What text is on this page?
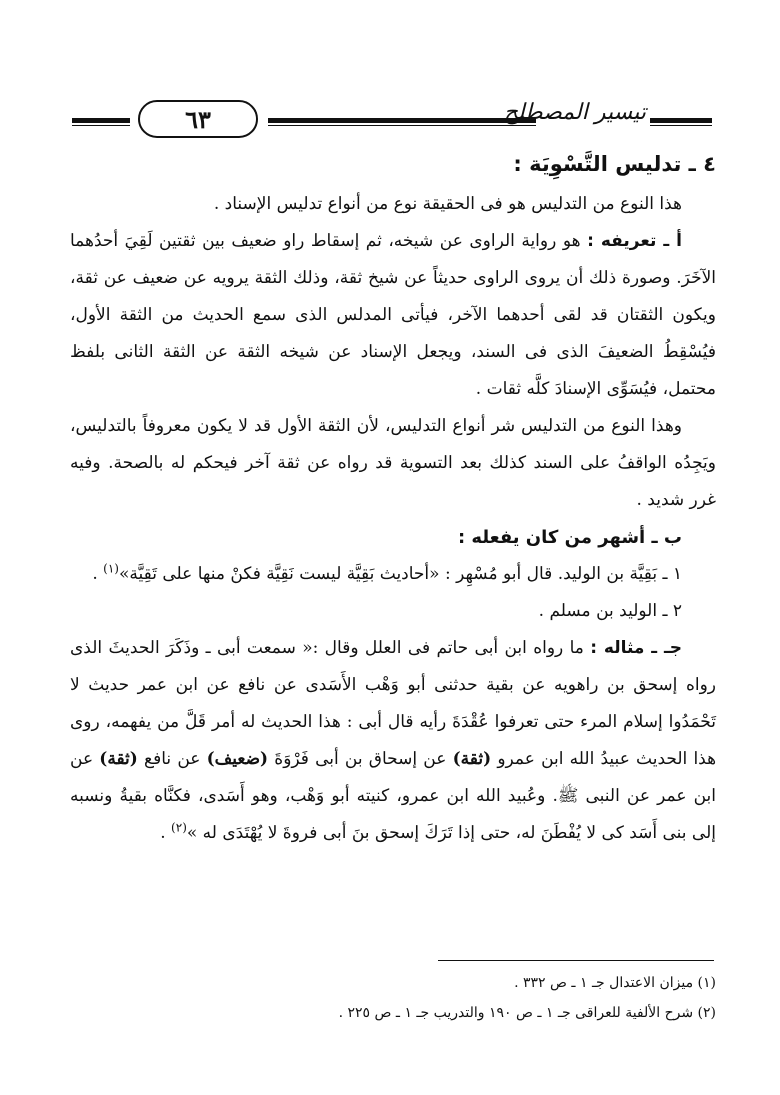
٦٣	تيسير المصطلح
٤ ـ تدليس التَّسْوِيَة :

هذا النوع من التدليس هو فى الحقيقة نوع من أنواع تدليس الإسناد .

أ ـ تعريفه : هو رواية الراوى عن شيخه، ثم إسقاط راو ضعيف بين ثقتين لَقِيَ أحدُهما الآخَرَ. وصورة ذلك أن يروى الراوى حديثاً عن شيخ ثقة، وذلك الثقة يرويه عن ضعيف عن ثقة، ويكون الثقتان قد لقى أحدهما الآخر، فيأتى المدلس الذى سمع الحديث من الثقة الأول، فيُسْقِطُ الضعيفَ الذى فى السند، ويجعل الإسناد عن شيخه الثقة عن الثقة الثانى بلفظ محتمل، فيُسَوِّى الإسنادَ كلَّه ثقات .

وهذا النوع من التدليس شر أنواع التدليس، لأن الثقة الأول قد لا يكون معروفاً بالتدليس، ويَجِدُه الواقفُ على السند كذلك بعد التسوية قد رواه عن ثقة آخر فيحكم له بالصحة. وفيه غرر شديد .

ب ـ أشهر من كان يفعله :

١ ـ بَقِيَّة بن الوليد. قال أبو مُسْهِر : «أحاديث بَقِيَّة ليست نَقِيَّة فكنْ منها على تَقِيَّة»$^{(١)}$ .

٢ ـ الوليد بن مسلم .

جـ ـ مثاله : ما رواه ابن أبى حاتم فى العلل وقال :« سمعت أبى ـ وذَكَرَ الحديثَ الذى رواه إسحق بن راهويه عن بقية حدثنى أبو وَهْب الأَسَدى عن نافع عن ابن عمر حديث لا تَحْمَدُوا إسلام المرء حتى تعرفوا عُقْدَةَ رأيه قال أبى : هذا الحديث له أمر قَلَّ من يفهمه، روى هذا الحديث عبيدُ الله ابن عمرو (ثقة) عن إسحاق بن أبى فَرْوَةَ (ضعيف) عن نافع (ثقة) عن ابن عمر عن النبى ﷺ. وعُبيد الله ابن عمرو، كنيته أبو وَهْب، وهو أَسَدى، فكنَّاه بقيةُ ونسبه إلى بنى أَسَد كى لا يُفْطَنَ له، حتى إذا تَرَكَ إسحق بنَ أبى فروةَ لا يُهْتَدَى له »$^{(٢)}$ .

(١) ميزان الاعتدال جـ ١ ـ ص ٣٣٢ .

(٢) شرح الألفية للعراقى جـ ١ ـ ص ١٩٠ والتدريب جـ ١ ـ ص ٢٢٥ .
